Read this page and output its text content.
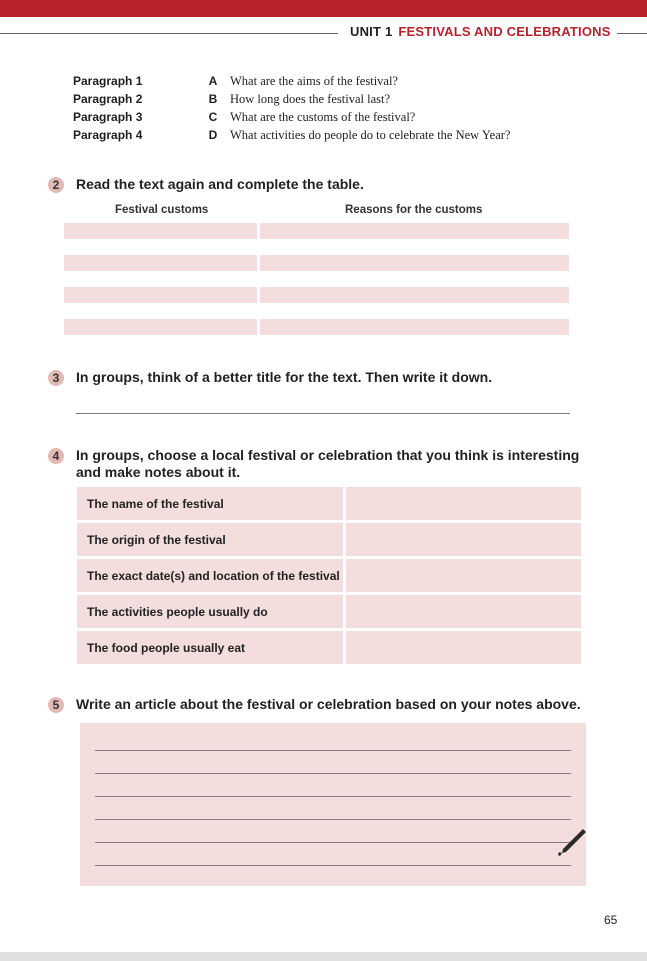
UNIT 1 FESTIVALS AND CELEBRATIONS
Paragraph 1	A	What are the aims of the festival?
Paragraph 2	B	How long does the festival last?
Paragraph 3	C	What are the customs of the festival?
Paragraph 4	D	What activities do people do to celebrate the New Year?
2	Read the text again and complete the table.
Festival customs	Reasons for the customs
3	In groups, think of a better title for the text. Then write it down.
4	In groups, choose a local festival or celebration that you think is interesting
and make notes about it.
The name of the festival
The origin of the festival
The exact date(s) and location of the festival
The activities people usually do
The food people usually eat
5	Write an article about the festival or celebration based on your notes above.
65
